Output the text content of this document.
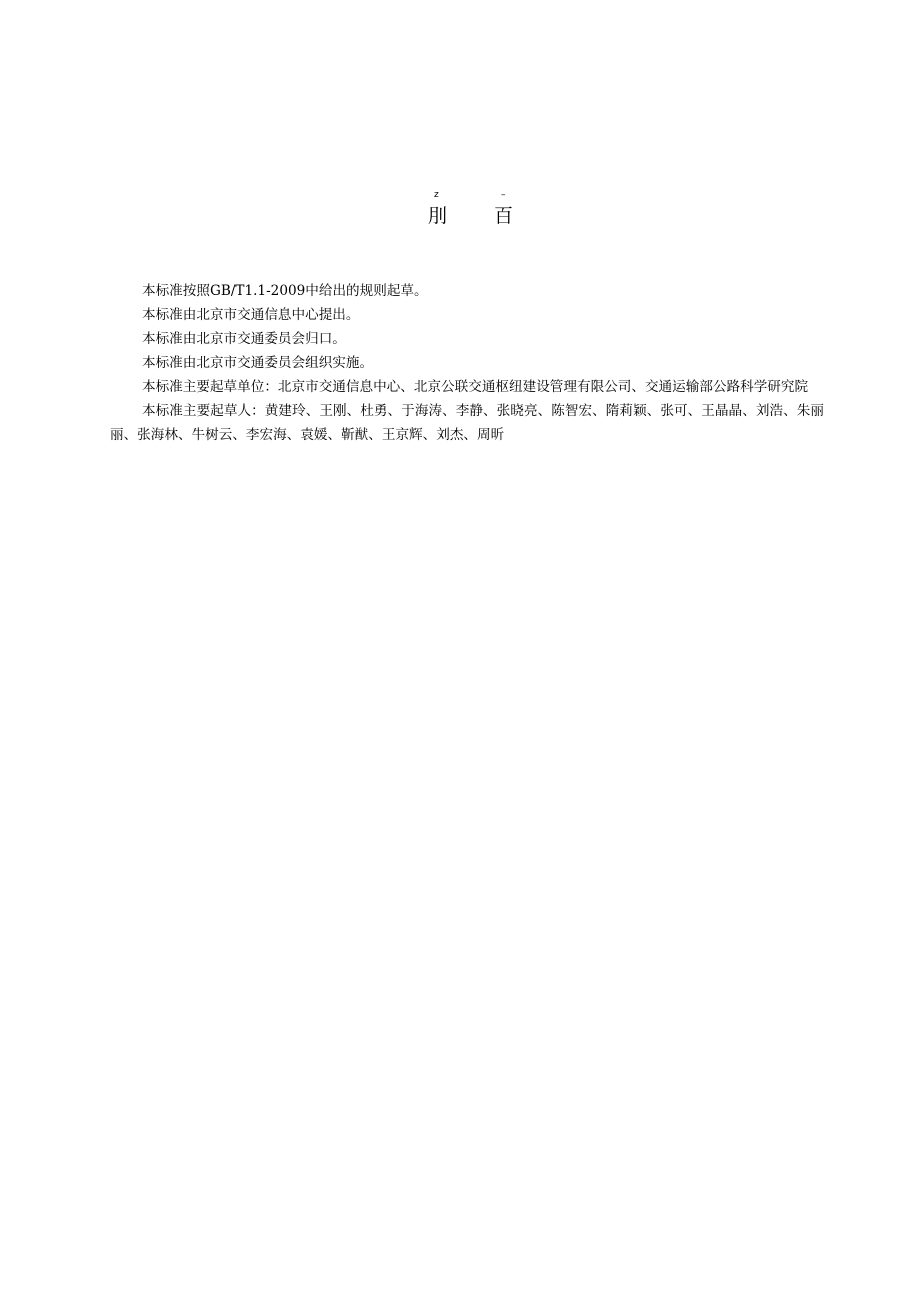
z	–
刖 百

本标准按照GB/T1.1-2009中给出的规则起草。

本标准由北京市交通信息中心提出。

本标准由北京市交通委员会归口。

本标准由北京市交通委员会组织实施。

本标准主要起草单位：北京市交通信息中心、北京公联交通枢纽建设管理有限公司、交通运输部公路科学研究院

本标准主要起草人：黄建玲、王刚、杜勇、于海涛、李静、张晓亮、陈智宏、隋莉颖、张可、王晶晶、刘浩、朱丽丽、张海林、牛树云、李宏海、袁媛、靳猷、王京辉、刘杰、周昕
